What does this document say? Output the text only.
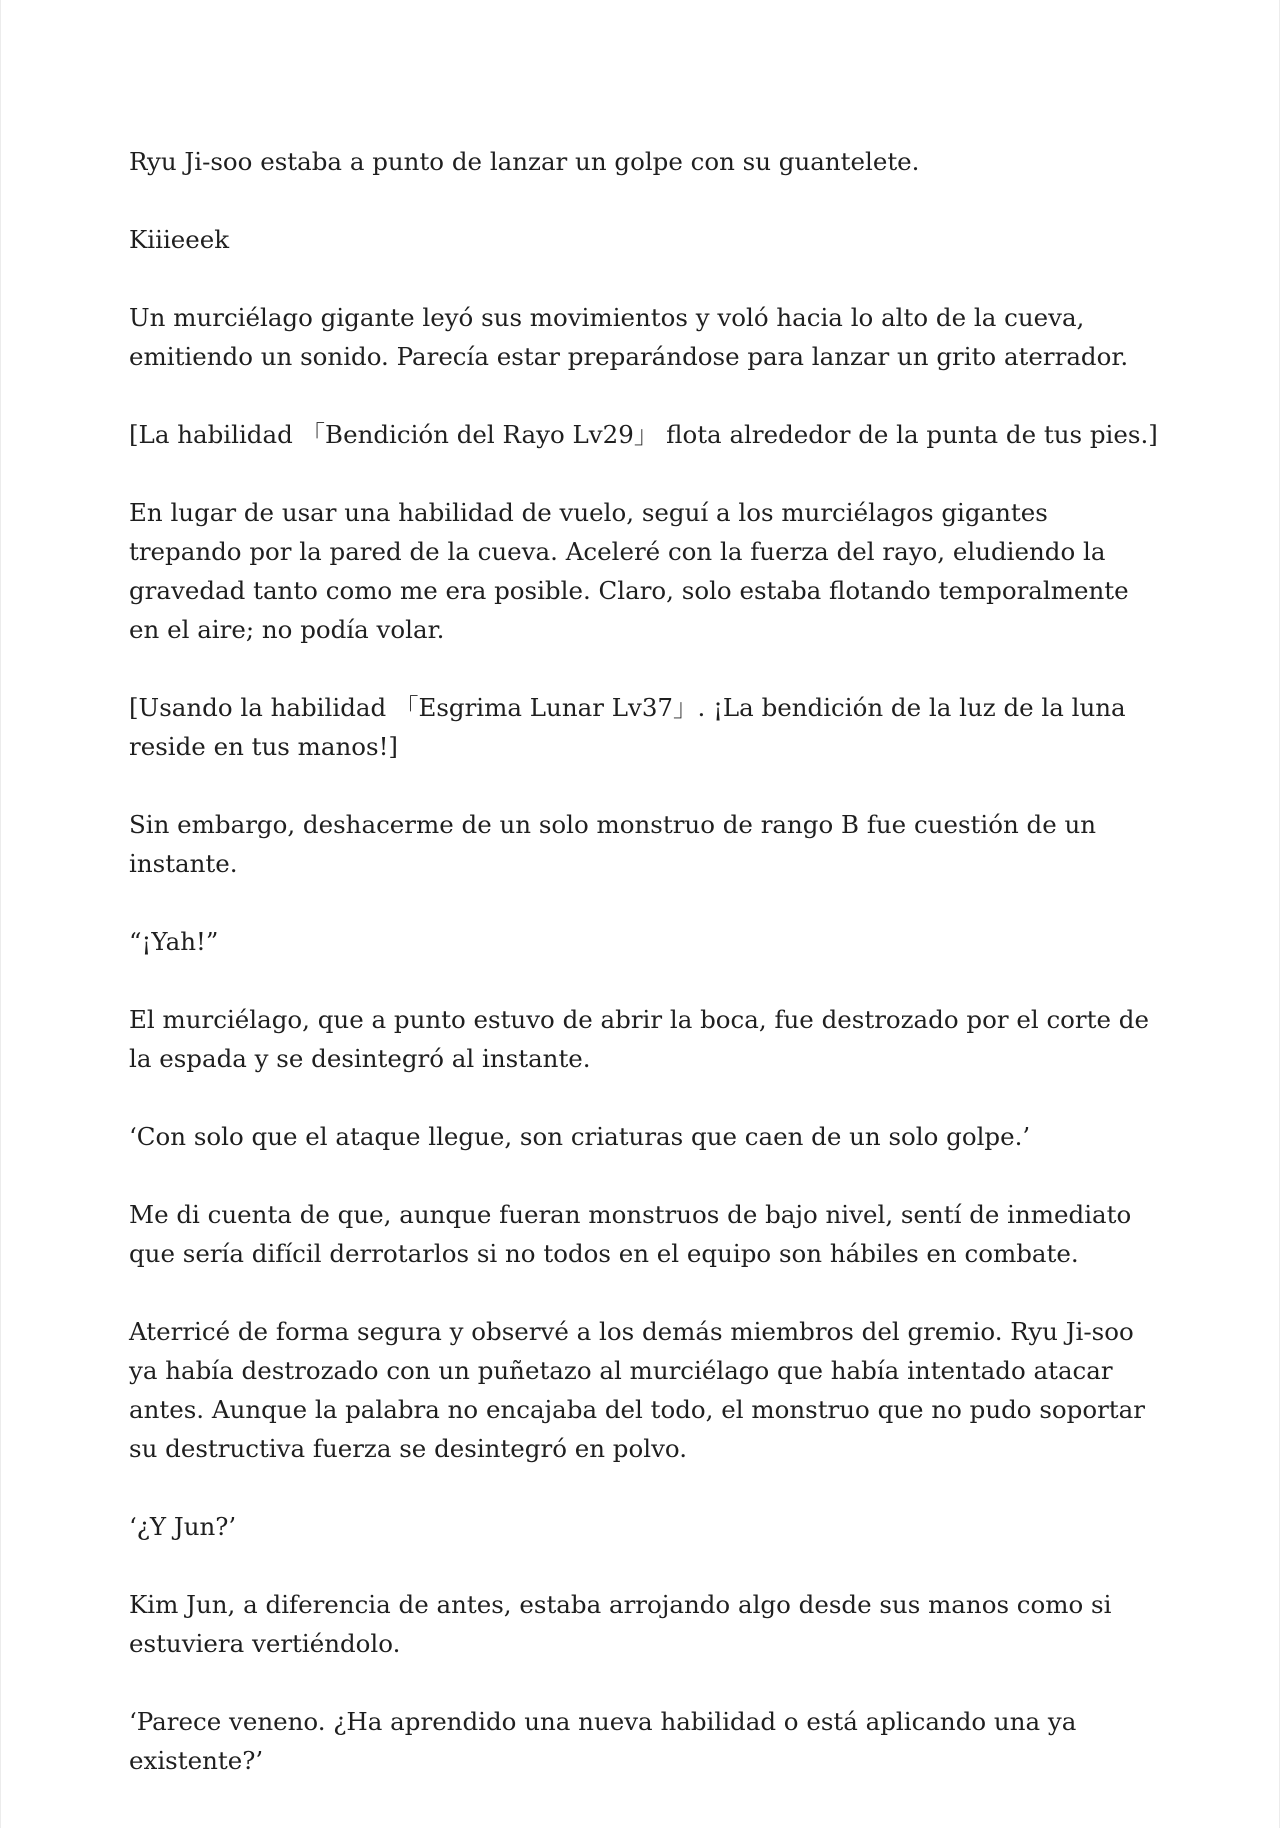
Ryu Ji-soo estaba a punto de lanzar un golpe con su guantelete.

Kiiieeek

Un murciélago gigante leyó sus movimientos y voló hacia lo alto de la cueva, emitiendo un sonido. Parecía estar preparándose para lanzar un grito aterrador.

[La habilidad 「Bendición del Rayo Lv29」 flota alrededor de la punta de tus pies.]

En lugar de usar una habilidad de vuelo, seguí a los murciélagos gigantes trepando por la pared de la cueva. Aceleré con la fuerza del rayo, eludiendo la gravedad tanto como me era posible. Claro, solo estaba flotando temporalmente en el aire; no podía volar.

[Usando la habilidad 「Esgrima Lunar Lv37」. ¡La bendición de la luz de la luna reside en tus manos!]

Sin embargo, deshacerme de un solo monstruo de rango B fue cuestión de un instante.

“¡Yah!”

El murciélago, que a punto estuvo de abrir la boca, fue destrozado por el corte de la espada y se desintegró al instante.

‘Con solo que el ataque llegue, son criaturas que caen de un solo golpe.’

Me di cuenta de que, aunque fueran monstruos de bajo nivel, sentí de inmediato que sería difícil derrotarlos si no todos en el equipo son hábiles en combate.

Aterricé de forma segura y observé a los demás miembros del gremio. Ryu Ji-soo ya había destrozado con un puñetazo al murciélago que había intentado atacar antes. Aunque la palabra no encajaba del todo, el monstruo que no pudo soportar su destructiva fuerza se desintegró en polvo.

‘¿Y Jun?’

Kim Jun, a diferencia de antes, estaba arrojando algo desde sus manos como si estuviera vertiéndolo.

‘Parece veneno. ¿Ha aprendido una nueva habilidad o está aplicando una ya existente?’
